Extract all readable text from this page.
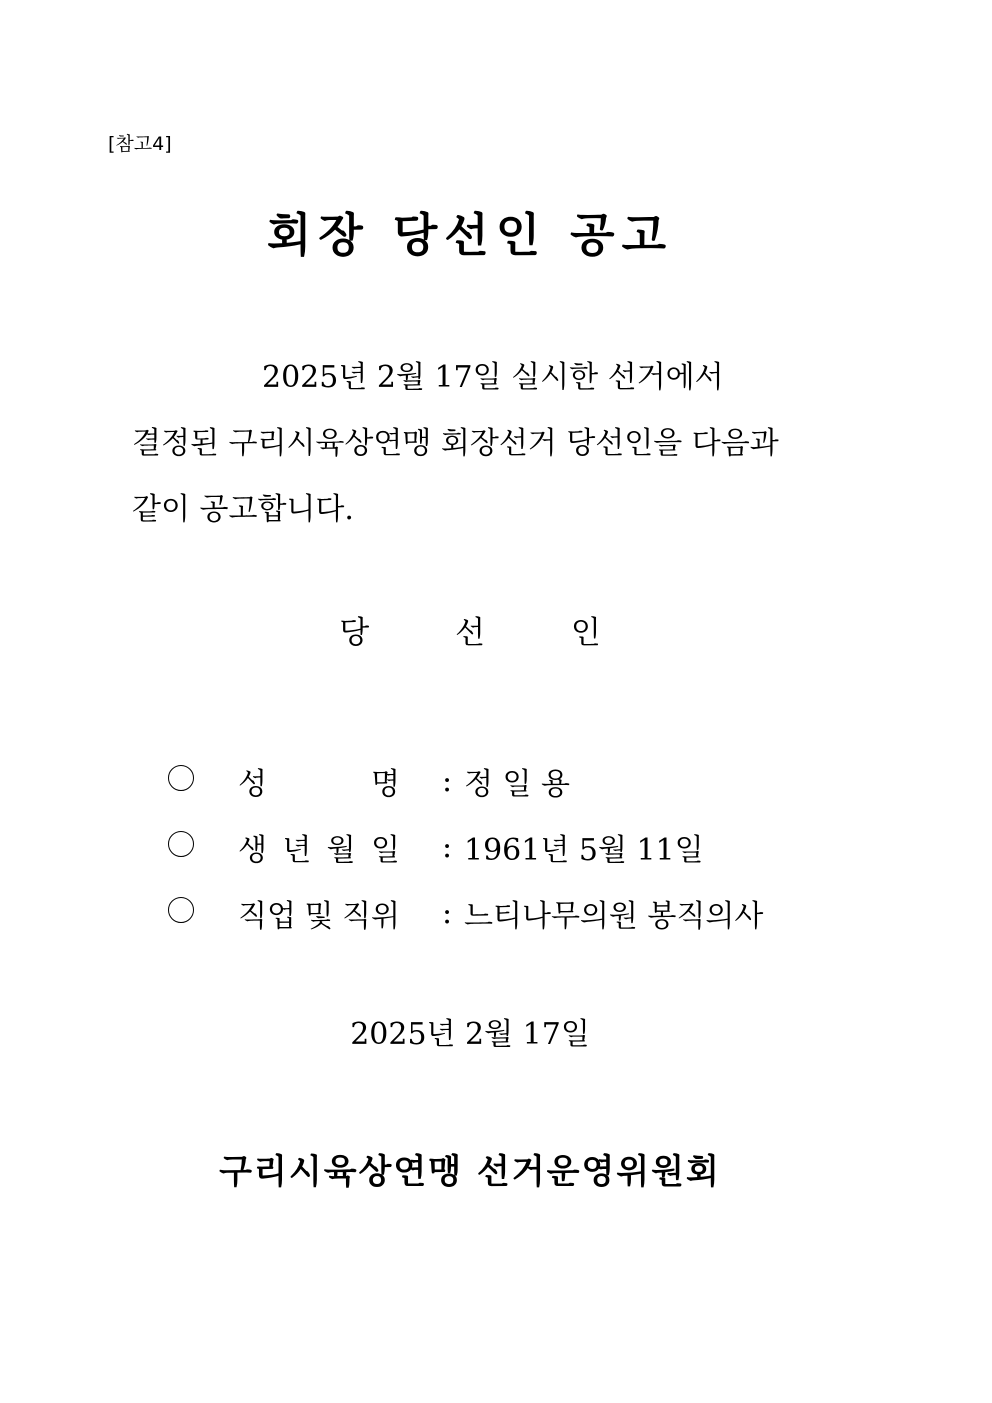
[참고4]
회장 당선인 공고
2025년 2월 17일 실시한 선거에서
결정된 구리시육상연맹 회장선거 당선인을 다음과
같이 공고합니다.
당 선 인
성	명 : 정 일 용
생 년 월 일 : 1961년 5월 11일
직업 및 직위 : 느티나무의원 봉직의사
2025년 2월 17일
구리시육상연맹 선거운영위원회
